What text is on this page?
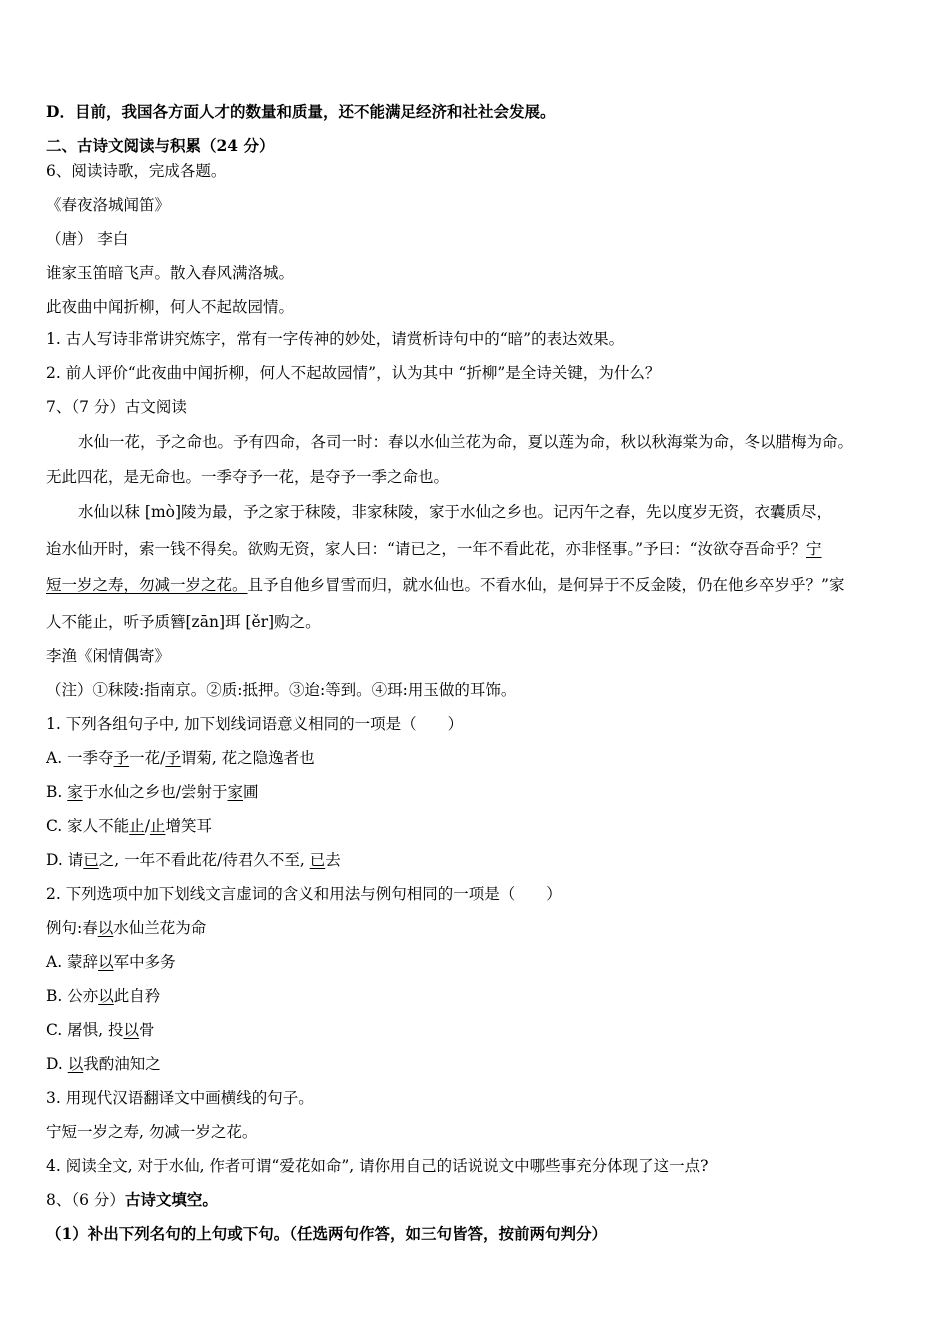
D．目前，我国各方面人才的数量和质量，还不能满足经济和社社会发展。
二、古诗文阅读与积累（24 分）
6、阅读诗歌，完成各题。
《春夜洛城闻笛》
（唐） 李白
谁家玉笛暗飞声。散入春风满洛城。
此夜曲中闻折柳，何人不起故园情。
1. 古人写诗非常讲究炼字，常有一字传神的妙处，请赏析诗句中的“暗”的表达效果。
2. 前人评价“此夜曲中闻折柳，何人不起故园情”，认为其中 “折柳”是全诗关键，为什么？
7、（7 分）古文阅读
水仙一花，予之命也。予有四命，各司一时：春以水仙兰花为命，夏以莲为命，秋以秋海棠为命，冬以腊梅为命。
无此四花，是无命也。一季夺予一花，是夺予一季之命也。
水仙以秣 [mò]陵为最，予之家于秣陵，非家秣陵，家于水仙之乡也。记丙午之春，先以度岁无资，衣囊质尽，
迨水仙开时，索一钱不得矣。欲购无资，家人曰：“请已之，一年不看此花，亦非怪事。”予曰：“汝欲夺吾命乎？宁
短一岁之寿，勿减一岁之花。且予自他乡冒雪而归，就水仙也。不看水仙，是何异于不反金陵，仍在他乡卒岁乎？”家
人不能止，听予质簪[zān]珥 [ěr]购之。
李渔《闲情偶寄》
（注）①秣陵:指南京。②质:抵押。③迨:等到。④珥:用玉做的耳饰。
1. 下列各组句子中, 加下划线词语意义相同的一项是（　　）
A. 一季夺予一花/予谓菊, 花之隐逸者也
B. 家于水仙之乡也/尝射于家圃
C. 家人不能止/止增笑耳
D. 请已之, 一年不看此花/待君久不至, 已去
2. 下列选项中加下划线文言虚词的含义和用法与例句相同的一项是（　　）
例句:春以水仙兰花为命
A. 蒙辞以军中多务
B. 公亦以此自矜
C. 屠惧, 投以骨
D. 以我酌油知之
3. 用现代汉语翻译文中画横线的句子。
宁短一岁之寿, 勿减一岁之花。
4. 阅读全文, 对于水仙, 作者可谓“爱花如命”, 请你用自己的话说说文中哪些事充分体现了这一点?
8、（6 分）古诗文填空。
（1）补出下列名句的上句或下句。（任选两句作答，如三句皆答，按前两句判分）
